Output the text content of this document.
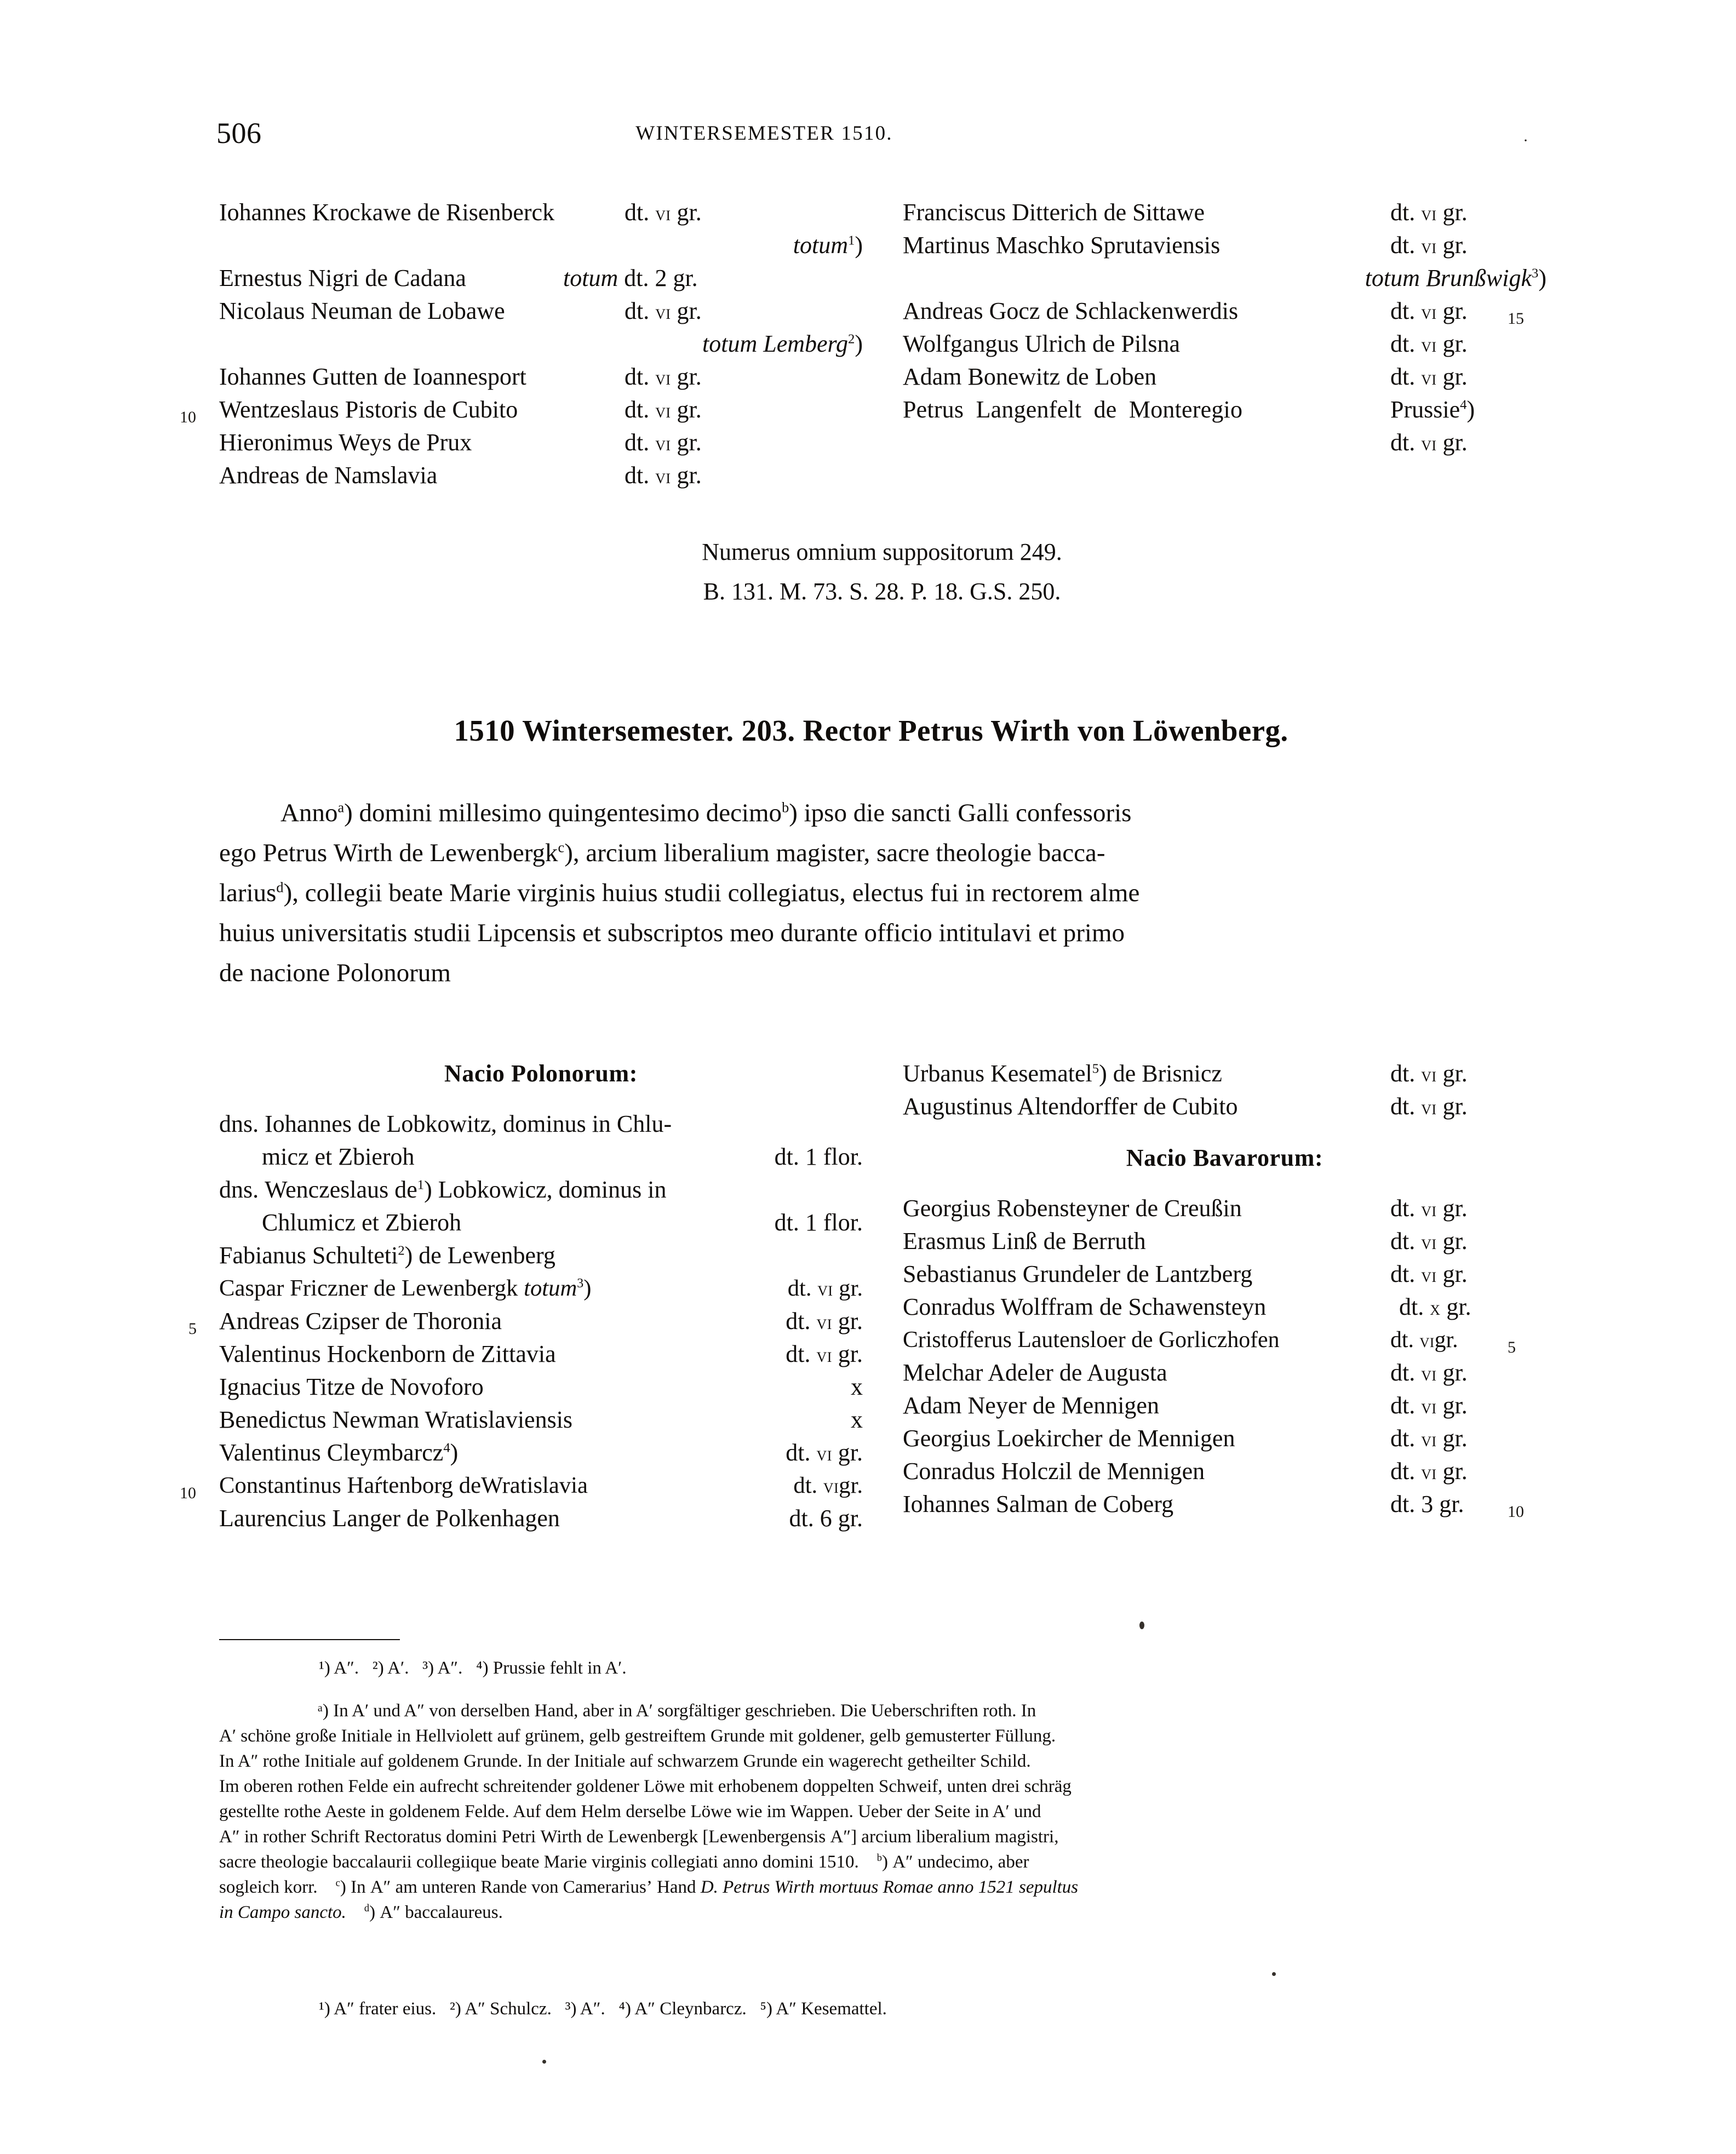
506	WINTERSEMESTER 1510.	·
Iohannes Krockawe de Risenberck	dt. vi gr.
totum$^1$)
Ernestus Nigri de Cadana	totum dt. 2 gr.
Nicolaus Neuman de Lobawe	dt. vi gr.
totum Lemberg$^2$)
Iohannes Gutten de Ioannesport	dt. vi gr.
10 Wentzeslaus Pistoris de Cubito	dt. vi gr.
Hieronimus Weys de Prux	dt. vi gr.
Andreas de Namslavia	dt. vi gr.
Franciscus Ditterich de Sittawe	dt. vi gr.
Martinus Maschko Sprutaviensis	dt. vi gr.
totum Brunßwigk$^3$)
Andreas Gocz de Schlackenwerdis	dt. vi gr. 15
Wolfgangus Ulrich de Pilsna	dt. vi gr.
Adam Bonewitz de Loben	dt. vi gr.
Petrus  Langenfelt  de  Monteregio	Prussie$^4$)
dt. vi gr.
Numerus omnium suppositorum 249.
B. 131. M. 73. S. 28. P. 18. G.S. 250.
1510 Wintersemester. 203. Rector Petrus Wirth von Löwenberg.
Anno$^a$) domini millesimo quingentesimo decimo$^b$) ipso die sancti Galli confessoris
ego Petrus Wirth de Lewenbergk$^c$), arcium liberalium magister, sacre theologie bacca-
larius$^d$), collegii beate Marie virginis huius studii collegiatus, electus fui in rectorem alme
huius universitatis studii Lipcensis et subscriptos meo durante officio intitulavi et primo
de nacione Polonorum
Nacio Polonorum:
dns. Iohannes de Lobkowitz, dominus in Chlu-
micz et Zbieroh	dt. 1 flor.
dns. Wenczeslaus $de^1$) Lobkowicz, dominus in
Chlumicz et Zbieroh	dt. 1 flor.
Fabianus Schulteti$^2$) de Lewenberg
Caspar Friczner de Lewenbergk totum$^3$)	dt. vi gr.
5 Andreas Czipser de Thoronia	dt. vi gr.
Valentinus Hockenborn de Zittavia	dt. vi gr.
Ignacius Titze de Novoforo	x
Benedictus Newman Wratislaviensis	x
Valentinus Cleymbarcz$^4$)	dt. vi gr.
10 Constantinus Haŕtenborg deWratislavia	dt. vigr.
Laurencius Langer de Polkenhagen	dt. 6 gr.
Urbanus Kesematel$^5$) de Brisnicz	dt. vi gr.
Augustinus Altendorffer de Cubito	dt. vi gr.
Nacio Bavarorum:
Georgius Robensteyner de Creußin	dt. vi gr.
Erasmus Linß de Berruth	dt. vi gr.
Sebastianus Grundeler de Lantzberg	dt. vi gr.
Conradus Wolffram de Schawensteyn	dt. x gr.
Cristofferus Lautensloer de Gorliczhofen	dt. vigr.	5
Melchar Adeler de Augusta	dt. vi gr.
Adam Neyer de Mennigen	dt. vi gr.
Georgius Loekircher de Mennigen	dt. vi gr.
Conradus Holczil de Mennigen	dt. vi gr.
Iohannes Salman de Coberg	dt. 3 gr.	10
¹) A″.  ²) A′.  ³) A″.  ⁴) Prussie fehlt in A′.
ᵃ) In A′ und A″ von derselben Hand, aber in A′ sorgfältiger geschrieben. Die Ueberschriften roth. In
A′ schöne große Initiale in Hellviolett auf grünem, gelb gestreiftem Grunde mit goldener, gelb gemusterter Füllung.
In A″ rothe Initiale auf goldenem Grunde. In der Initiale auf schwarzem Grunde ein wagerecht getheilter Schild.
Im oberen rothen Felde ein aufrecht schreitender goldener Löwe mit erhobenem doppelten Schweif, unten drei schräg
gestellte rothe Aeste in goldenem Felde. Auf dem Helm derselbe Löwe wie im Wappen. Ueber der Seite in A′ und
A″ in rother Schrift Rectoratus domini Petri Wirth de Lewenbergk [Lewenbergensis A″] arcium liberalium magistri,
sacre theologie baccalaurii collegiique beate Marie virginis collegiati anno domini 1510.    $^b$) A″ undecimo, aber
sogleich korr.    $^c$) In A″ am unteren Rande von Camerarius’ Hand D. Petrus Wirth mortuus Romae anno 1521 sepultus
in Campo sancto. $^d$) A″ baccalaureus.
¹) A″ frater eius.  ²) A″ Schulcz.  ³) A″.  ⁴) A″ Cleynbarcz.  ⁵) A″ Kesemattel.
